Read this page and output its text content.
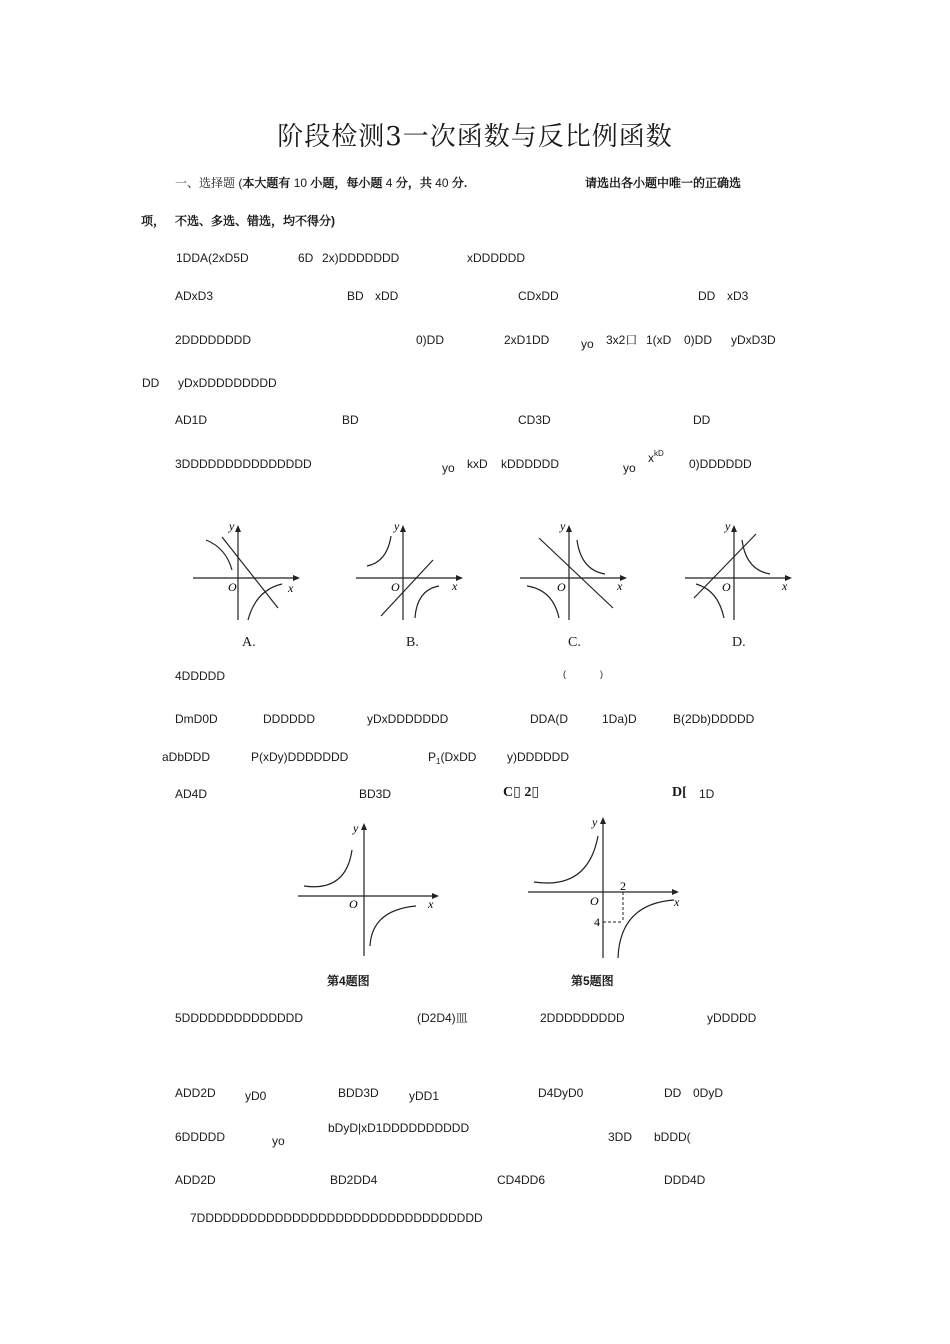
阶段检测3一次函数与反比例函数
一、选择题 (本大题有 10 小题，每小题 4 分，共 40 分.	请选出各小题中唯一的正确选
项， 不选、多选、错选，均不得分)
1DDA(2xD5D	6D 2x)DDDDDDD	xDDDDDD
ADxD3	BD xDD	CDxDD	DD xD3
2DDDDDDDD	0)DD	2xD1DD	yo 3x2口 1(xD 0)DD yDxD3D
DD yDxDDDDDDDDD
AD1D	BD	CD3D	DD
3DDDDDDDDDDDDDDD	yo kxD kDDDDDD	yo
$x^{kD}$
0)DDDDDD
y
x
O
y
x
O
y
x
O
y
x
O
A.	B.	C.	D.
4DDDDD	(	)
DmD0D	DDDDDD	yDxDDDDDDD	DDA(D	1Da)D	B(2Db)DDDDD
aDbDDD	P(xDy)DDDDDDD	$P_1(DxDD$	y)DDDDDD
AD4D	BD3D	C▯ 2▯	D[ 1D
y
x
O
第4题图
y
x
O
2
4
第5题图
5DDDDDDDDDDDDDD	(D2D4)皿	2DDDDDDDDD	yDDDDD
ADD2D yD0	BDD3D	yDD1	D4DyD0	DD 0DyD
6DDDDD	yo
bDyD|xD1DDDDDDDDDD
3DD bDDD(
ADD2D	BD2DD4	CD4DD6	DDD4D
7DDDDDDDDDDDDDDDDDDDDDDDDDDDDDDDDD
